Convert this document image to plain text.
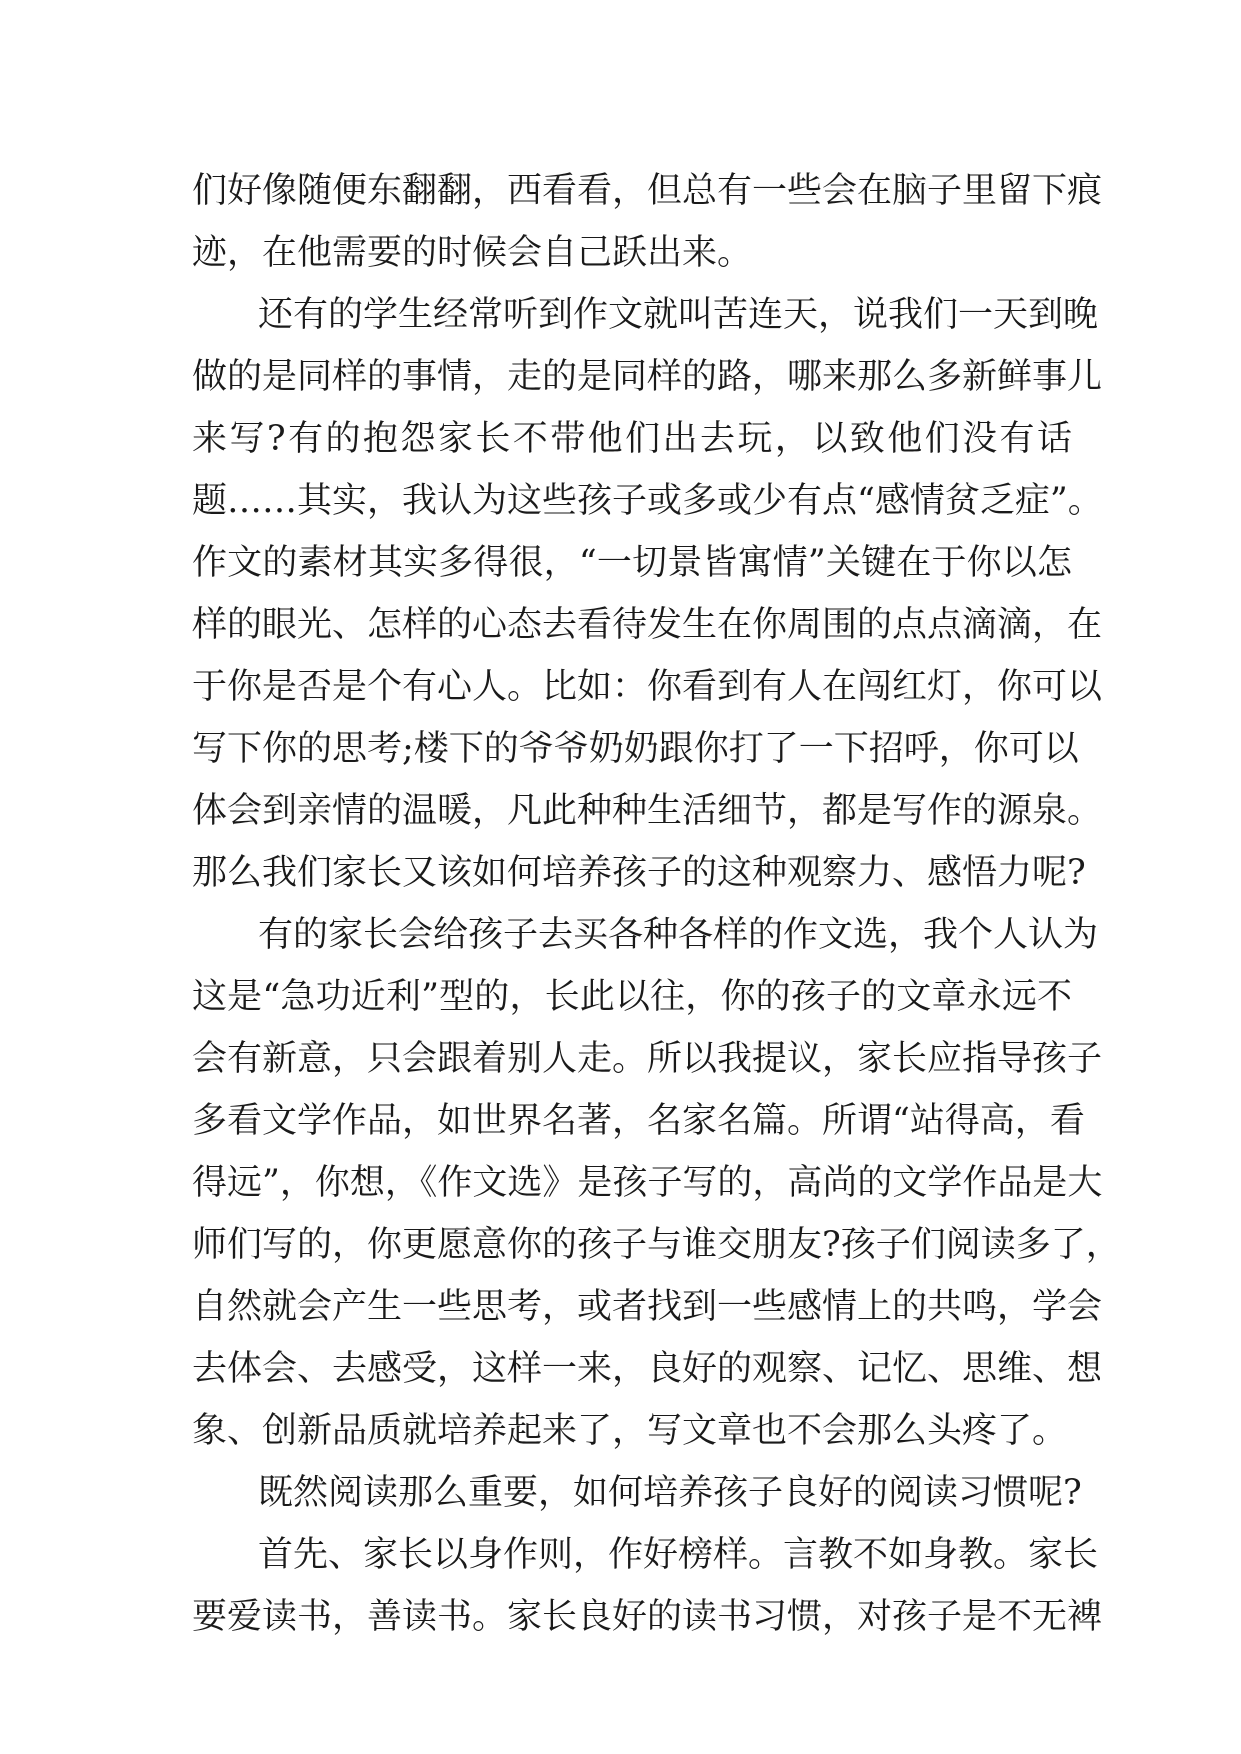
们好像随便东翻翻，西看看，但总有一些会在脑子里留下痕
迹，在他需要的时候会自己跃出来。
还有的学生经常听到作文就叫苦连天，说我们一天到晚
做的是同样的事情，走的是同样的路，哪来那么多新鲜事儿
来写?有的抱怨家长不带他们出去玩，以致他们没有话
题……其实，我认为这些孩子或多或少有点“感情贫乏症”。
作文的素材其实多得很，“一切景皆寓情”关键在于你以怎
样的眼光、怎样的心态去看待发生在你周围的点点滴滴，在
于你是否是个有心人。比如：你看到有人在闯红灯，你可以
写下你的思考;楼下的爷爷奶奶跟你打了一下招呼，你可以
体会到亲情的温暖，凡此种种生活细节，都是写作的源泉。
那么我们家长又该如何培养孩子的这种观察力、感悟力呢?
有的家长会给孩子去买各种各样的作文选，我个人认为
这是“急功近利”型的，长此以往，你的孩子的文章永远不
会有新意，只会跟着别人走。所以我提议，家长应指导孩子
多看文学作品，如世界名著，名家名篇。所谓“站得高，看
得远”，你想，《作文选》是孩子写的，高尚的文学作品是大
师们写的，你更愿意你的孩子与谁交朋友?孩子们阅读多了，
自然就会产生一些思考，或者找到一些感情上的共鸣，学会
去体会、去感受，这样一来，良好的观察、记忆、思维、想
象、创新品质就培养起来了，写文章也不会那么头疼了。
既然阅读那么重要，如何培养孩子良好的阅读习惯呢?
首先、家长以身作则，作好榜样。言教不如身教。家长
要爱读书，善读书。家长良好的读书习惯，对孩子是不无裨
